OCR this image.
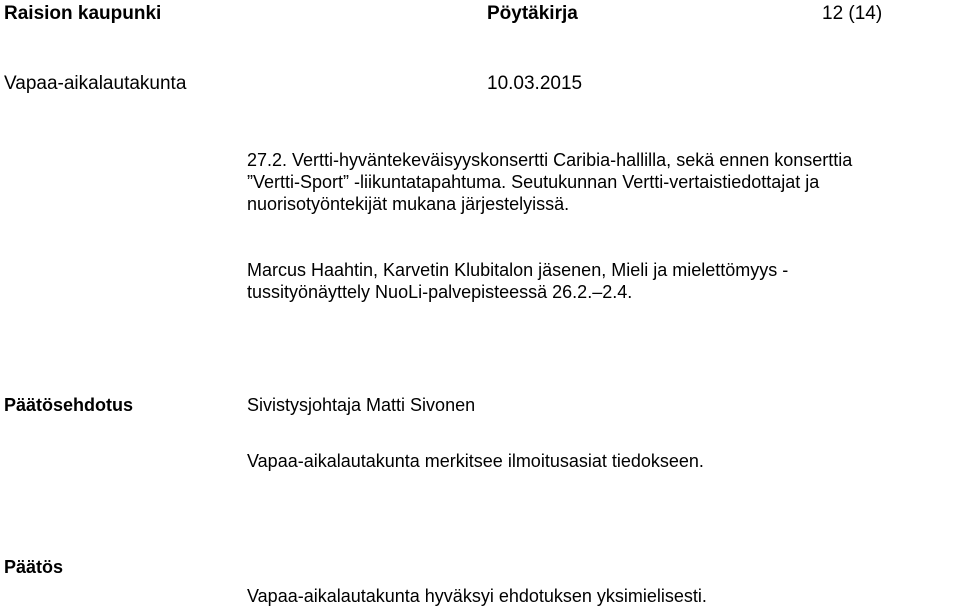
Raision kaupunki	Pöytäkirja	12 (14)
Vapaa-aikalautakunta	10.03.2015
27.2. Vertti-hyväntekeväisyyskonsertti Caribia-hallilla, sekä ennen konserttia
”Vertti-Sport” -liikuntatapahtuma. Seutukunnan Vertti-vertaistiedottajat ja
nuorisotyöntekijät mukana järjestelyissä.
Marcus Haahtin, Karvetin Klubitalon jäsenen, Mieli ja mielettömyys -
tussityönäyttely NuoLi-palvepisteessä 26.2.–2.4.
Päätösehdotus	Sivistysjohtaja Matti Sivonen
Vapaa-aikalautakunta merkitsee ilmoitusasiat tiedokseen.
Päätös
Vapaa-aikalautakunta hyväksyi ehdotuksen yksimielisesti.
